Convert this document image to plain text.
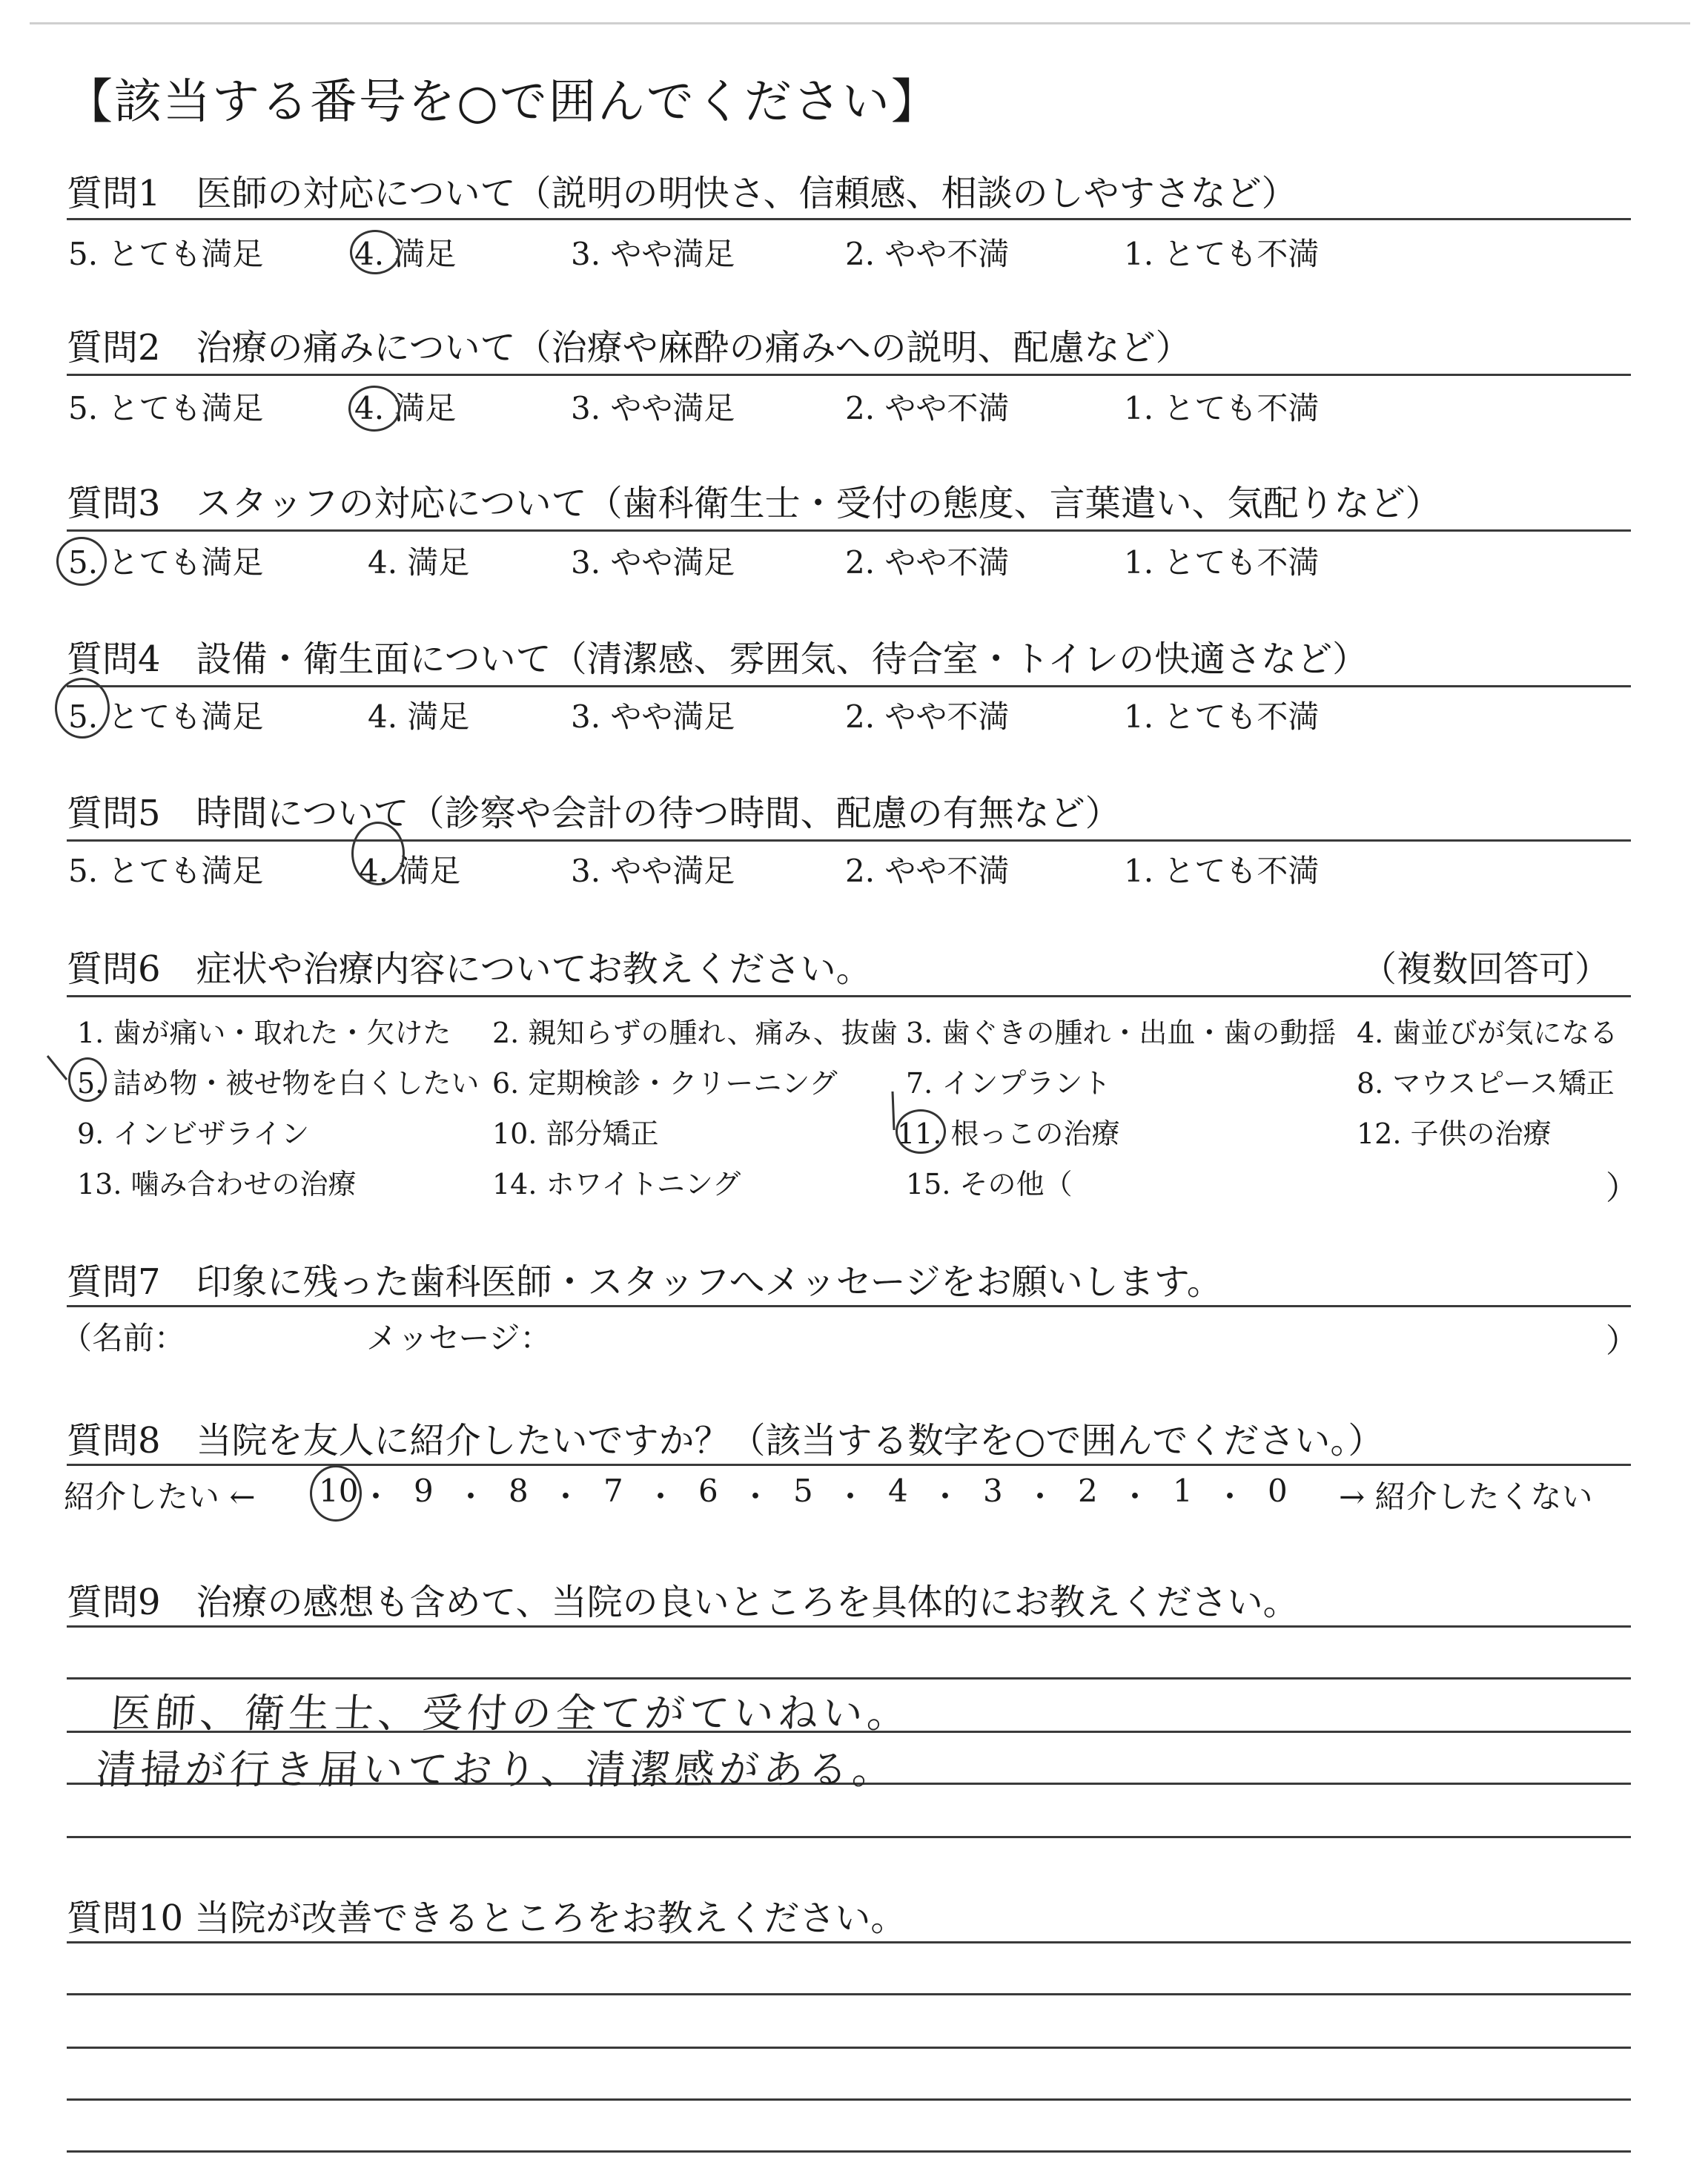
【該当する番号を○で囲んでください】
質問1　医師の対応について（説明の明快さ、信頼感、相談のしやすさなど）
5. とても満足	4. 満足	3. やや満足	2. やや不満	1. とても不満
質問2　治療の痛みについて（治療や麻酔の痛みへの説明、配慮など）
5. とても満足	4. 満足	3. やや満足	2. やや不満	1. とても不満
質問3　スタッフの対応について（歯科衛生士・受付の態度、言葉遣い、気配りなど）
5. とても満足	4. 満足	3. やや満足	2. やや不満	1. とても不満
質問4　設備・衛生面について（清潔感、雰囲気、待合室・トイレの快適さなど）
5. とても満足	4. 満足	3. やや満足	2. やや不満	1. とても不満
質問5　時間について（診察や会計の待つ時間、配慮の有無など）
5. とても満足	4. 満足	3. やや満足	2. やや不満	1. とても不満
質問6　症状や治療内容についてお教えください。	（複数回答可）
1. 歯が痛い・取れた・欠けた 2. 親知らずの腫れ、痛み、抜歯 3. 歯ぐきの腫れ・出血・歯の動揺 4. 歯並びが気になる
5. 詰め物・被せ物を白くしたい 6. 定期検診・クリーニング 7. インプラント	8. マウスピース矯正
9. インビザライン	10. 部分矯正	11. 根っこの治療	12. 子供の治療
13. 噛み合わせの治療	14. ホワイトニング	15. その他（	）
質問7　印象に残った歯科医師・スタッフへメッセージをお願いします。
（名前：	メッセージ：	）
質問8　当院を友人に紹介したいですか？（該当する数字を○で囲んでください。）
紹介したい ← 10 ・ 9 ・ 8 ・ 7 ・ 6 ・ 5 ・ 4 ・ 3 ・ 2 ・ 1 ・ 0 → 紹介したくない
質問9　治療の感想も含めて、当院の良いところを具体的にお教えください。
医師、衛生士、受付の全てがていねい。
清掃が行き届いており、清潔感がある。
質問10 当院が改善できるところをお教えください。
